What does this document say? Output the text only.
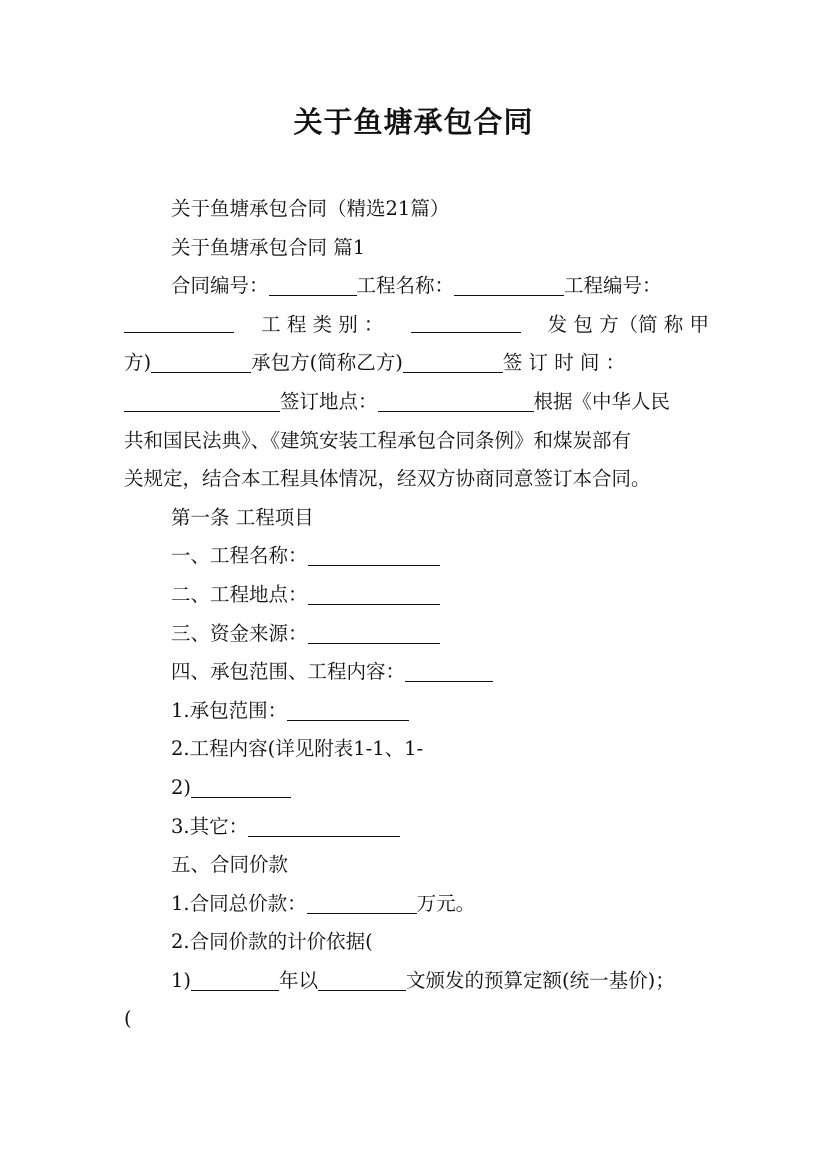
关于鱼塘承包合同
关于鱼塘承包合同（精选21篇）
关于鱼塘承包合同 篇1
合同编号：	工程名称：	工程编号：
工 程 类 别 ：	发 包 方（简 称 甲
方)	承包方(简称乙方)	签 订 时 间 ：
签订地点：	根据《中华人民
共和国民法典》、《建筑安装工程承包合同条例》和煤炭部有
关规定，结合本工程具体情况，经双方协商同意签订本合同。
第一条 工程项目
一、工程名称：
二、工程地点：
三、资金来源：
四、承包范围、工程内容：
1.承包范围：
2.工程内容(详见附表1-1、1-
2)
3.其它：
五、合同价款
1.合同总价款：	万元。
2.合同价款的计价依据(
1)	年以	文颁发的预算定额(统一基价)；
(
